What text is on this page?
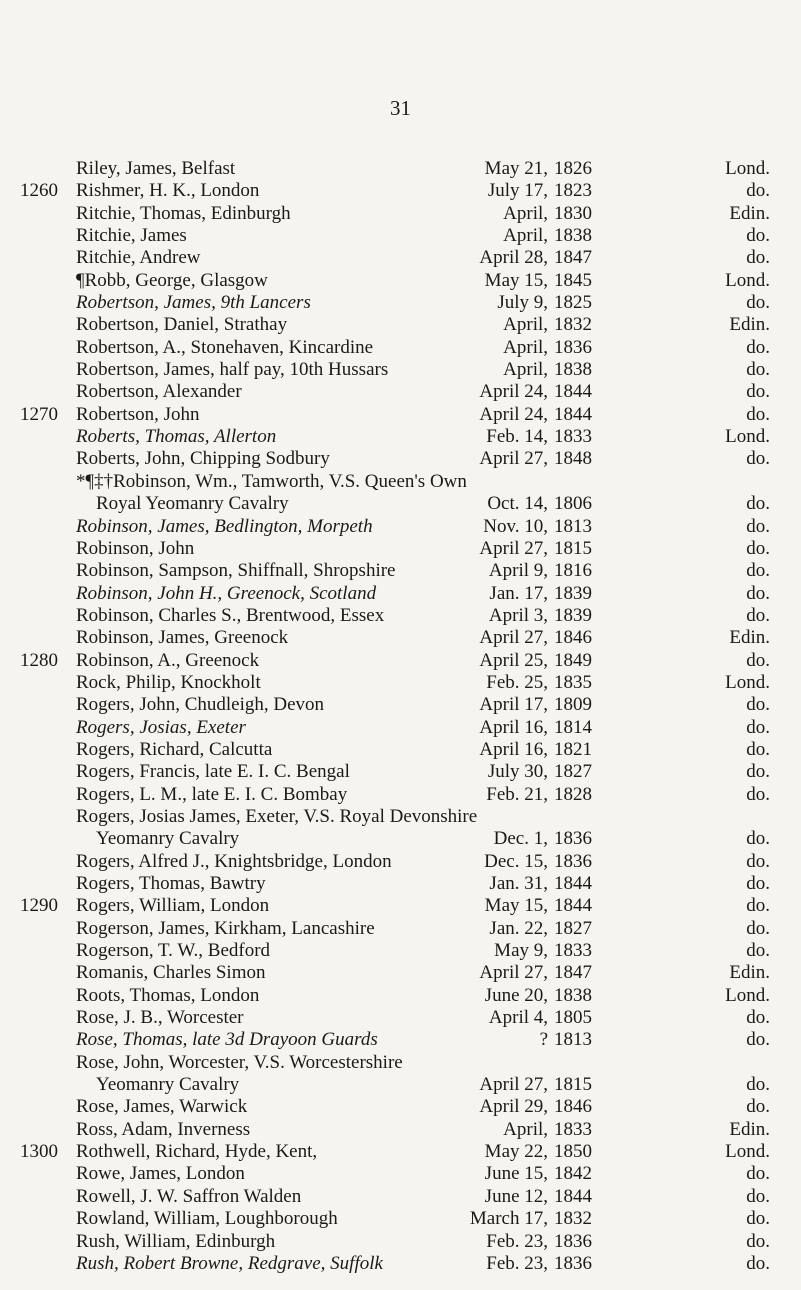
31
Riley, James, Belfast	May 21, 1826	Lond.
1260 Rishmer, H. K., London	July 17, 1823	do.
Ritchie, Thomas, Edinburgh	April, 1830	Edin.
Ritchie, James	April, 1838	do.
Ritchie, Andrew	April 28, 1847	do.
¶Robb, George, Glasgow	May 15, 1845	Lond.
Robertson, James, 9th Lancers	July 9, 1825	do.
Robertson, Daniel, Strathay	April, 1832	Edin.
Robertson, A., Stonehaven, Kincardine	April, 1836	do.
Robertson, James, half pay, 10th Hussars	April, 1838	do.
Robertson, Alexander	April 24, 1844	do.
1270 Robertson, John	April 24, 1844	do.
Roberts, Thomas, Allerton	Feb. 14, 1833	Lond.
Roberts, John, Chipping Sodbury	April 27, 1848	do.
*¶‡†Robinson, Wm., Tamworth, V.S. Queen's Own
Royal Yeomanry Cavalry	Oct. 14, 1806	do.
Robinson, James, Bedlington, Morpeth	Nov. 10, 1813	do.
Robinson, John	April 27, 1815	do.
Robinson, Sampson, Shiffnall, Shropshire	April 9, 1816	do.
Robinson, John H., Greenock, Scotland	Jan. 17, 1839	do.
Robinson, Charles S., Brentwood, Essex	April 3, 1839	do.
Robinson, James, Greenock	April 27, 1846	Edin.
1280 Robinson, A., Greenock	April 25, 1849	do.
Rock, Philip, Knockholt	Feb. 25, 1835	Lond.
Rogers, John, Chudleigh, Devon	April 17, 1809	do.
Rogers, Josias, Exeter	April 16, 1814	do.
Rogers, Richard, Calcutta	April 16, 1821	do.
Rogers, Francis, late E. I. C. Bengal	July 30, 1827	do.
Rogers, L. M., late E. I. C. Bombay	Feb. 21, 1828	do.
Rogers, Josias James, Exeter, V.S. Royal Devonshire
Yeomanry Cavalry	Dec. 1, 1836	do.
Rogers, Alfred J., Knightsbridge, London	Dec. 15, 1836	do.
Rogers, Thomas, Bawtry	Jan. 31, 1844	do.
1290 Rogers, William, London	May 15, 1844	do.
Rogerson, James, Kirkham, Lancashire	Jan. 22, 1827	do.
Rogerson, T. W., Bedford	May 9, 1833	do.
Romanis, Charles Simon	April 27, 1847	Edin.
Roots, Thomas, London	June 20, 1838	Lond.
Rose, J. B., Worcester	April 4, 1805	do.
Rose, Thomas, late 3d Drayoon Guards	? 1813	do.
Rose, John, Worcester, V.S. Worcestershire
Yeomanry Cavalry	April 27, 1815	do.
Rose, James, Warwick	April 29, 1846	do.
Ross, Adam, Inverness	April, 1833	Edin.
1300 Rothwell, Richard, Hyde, Kent,	May 22, 1850	Lond.
Rowe, James, London	June 15, 1842	do.
Rowell, J. W. Saffron Walden	June 12, 1844	do.
Rowland, William, Loughborough	March 17, 1832	do.
Rush, William, Edinburgh	Feb. 23, 1836	do.
Rush, Robert Browne, Redgrave, Suffolk	Feb. 23, 1836	do.
